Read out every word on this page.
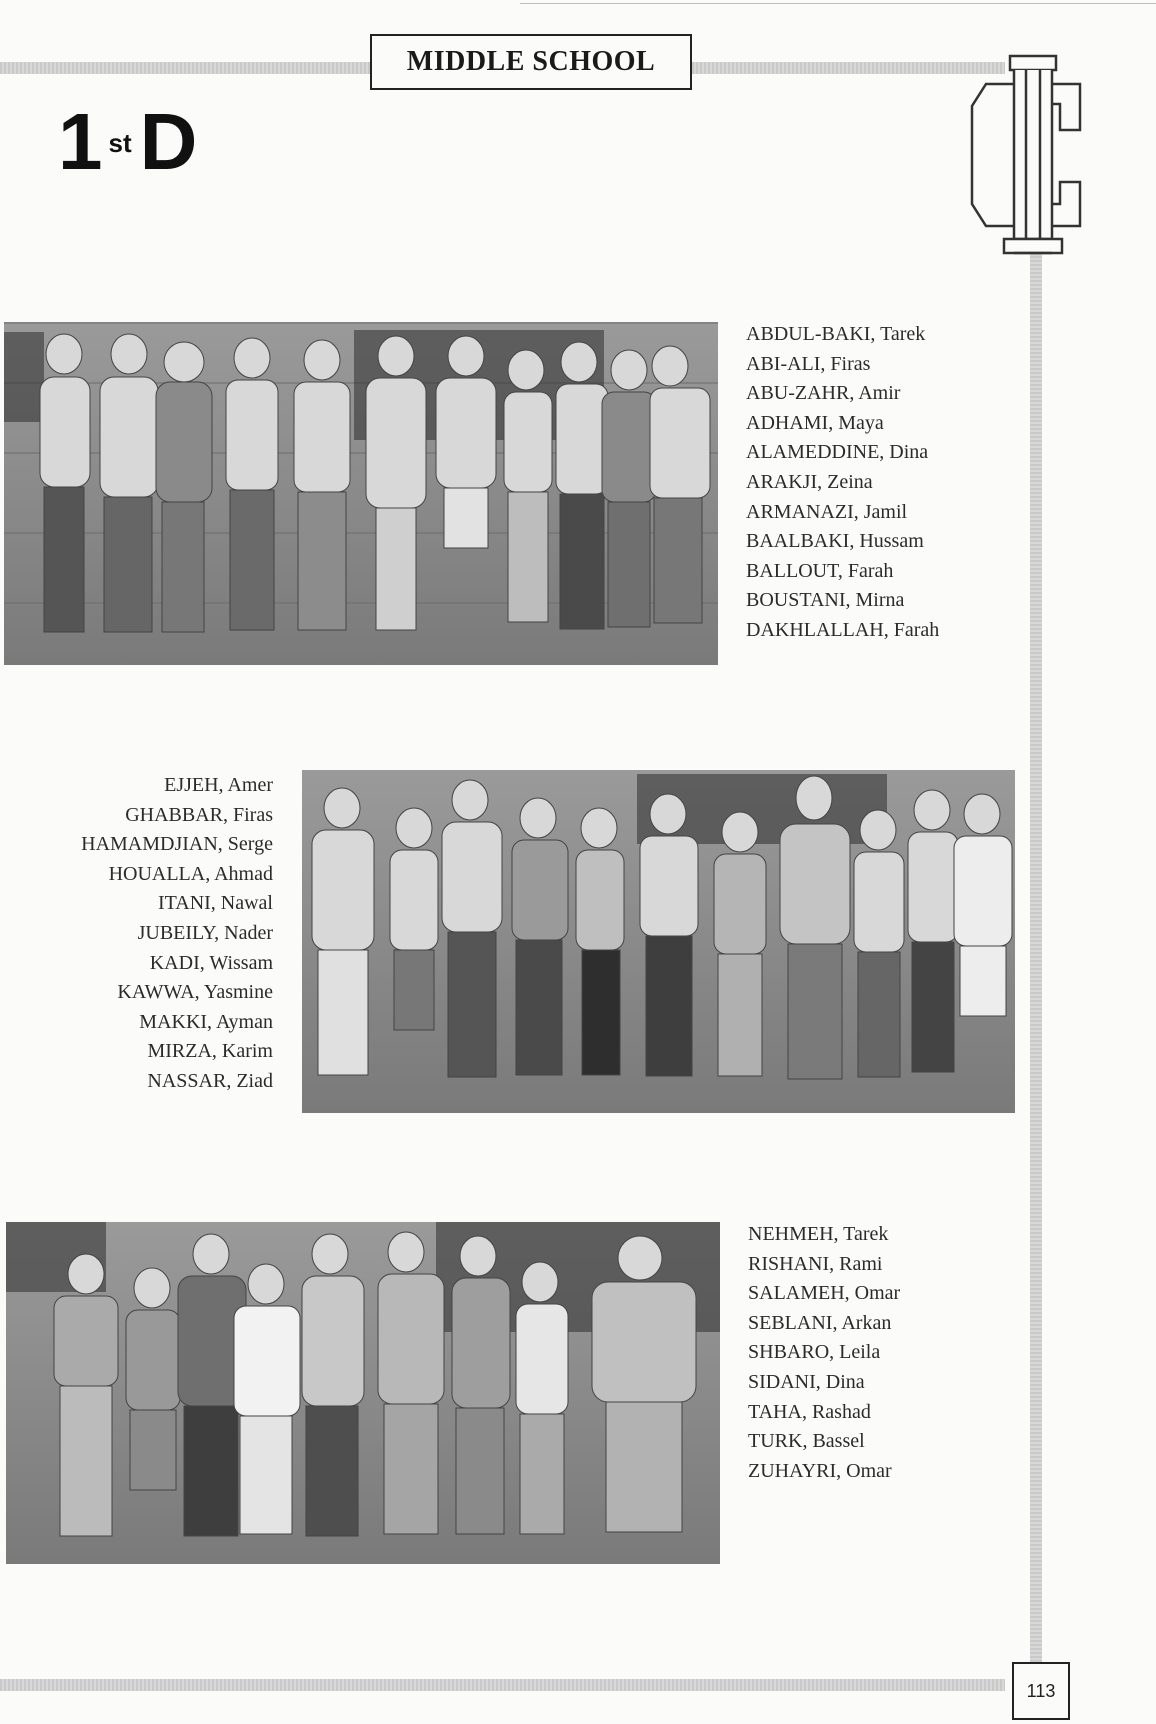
MIDDLE SCHOOL
1 st D
ABDUL-BAKI, Tarek
ABI-ALI, Firas
ABU-ZAHR, Amir
ADHAMI, Maya
ALAMEDDINE, Dina
ARAKJI, Zeina
ARMANAZI, Jamil
BAALBAKI, Hussam
BALLOUT, Farah
BOUSTANI, Mirna
DAKHLALLAH, Farah
EJJEH, Amer
GHABBAR, Firas
HAMAMDJIAN, Serge
HOUALLA, Ahmad
ITANI, Nawal
JUBEILY, Nader
KADI, Wissam
KAWWA, Yasmine
MAKKI, Ayman
MIRZA, Karim
NASSAR, Ziad
NEHMEH, Tarek
RISHANI, Rami
SALAMEH, Omar
SEBLANI, Arkan
SHBARO, Leila
SIDANI, Dina
TAHA, Rashad
TURK, Bassel
ZUHAYRI, Omar
113
